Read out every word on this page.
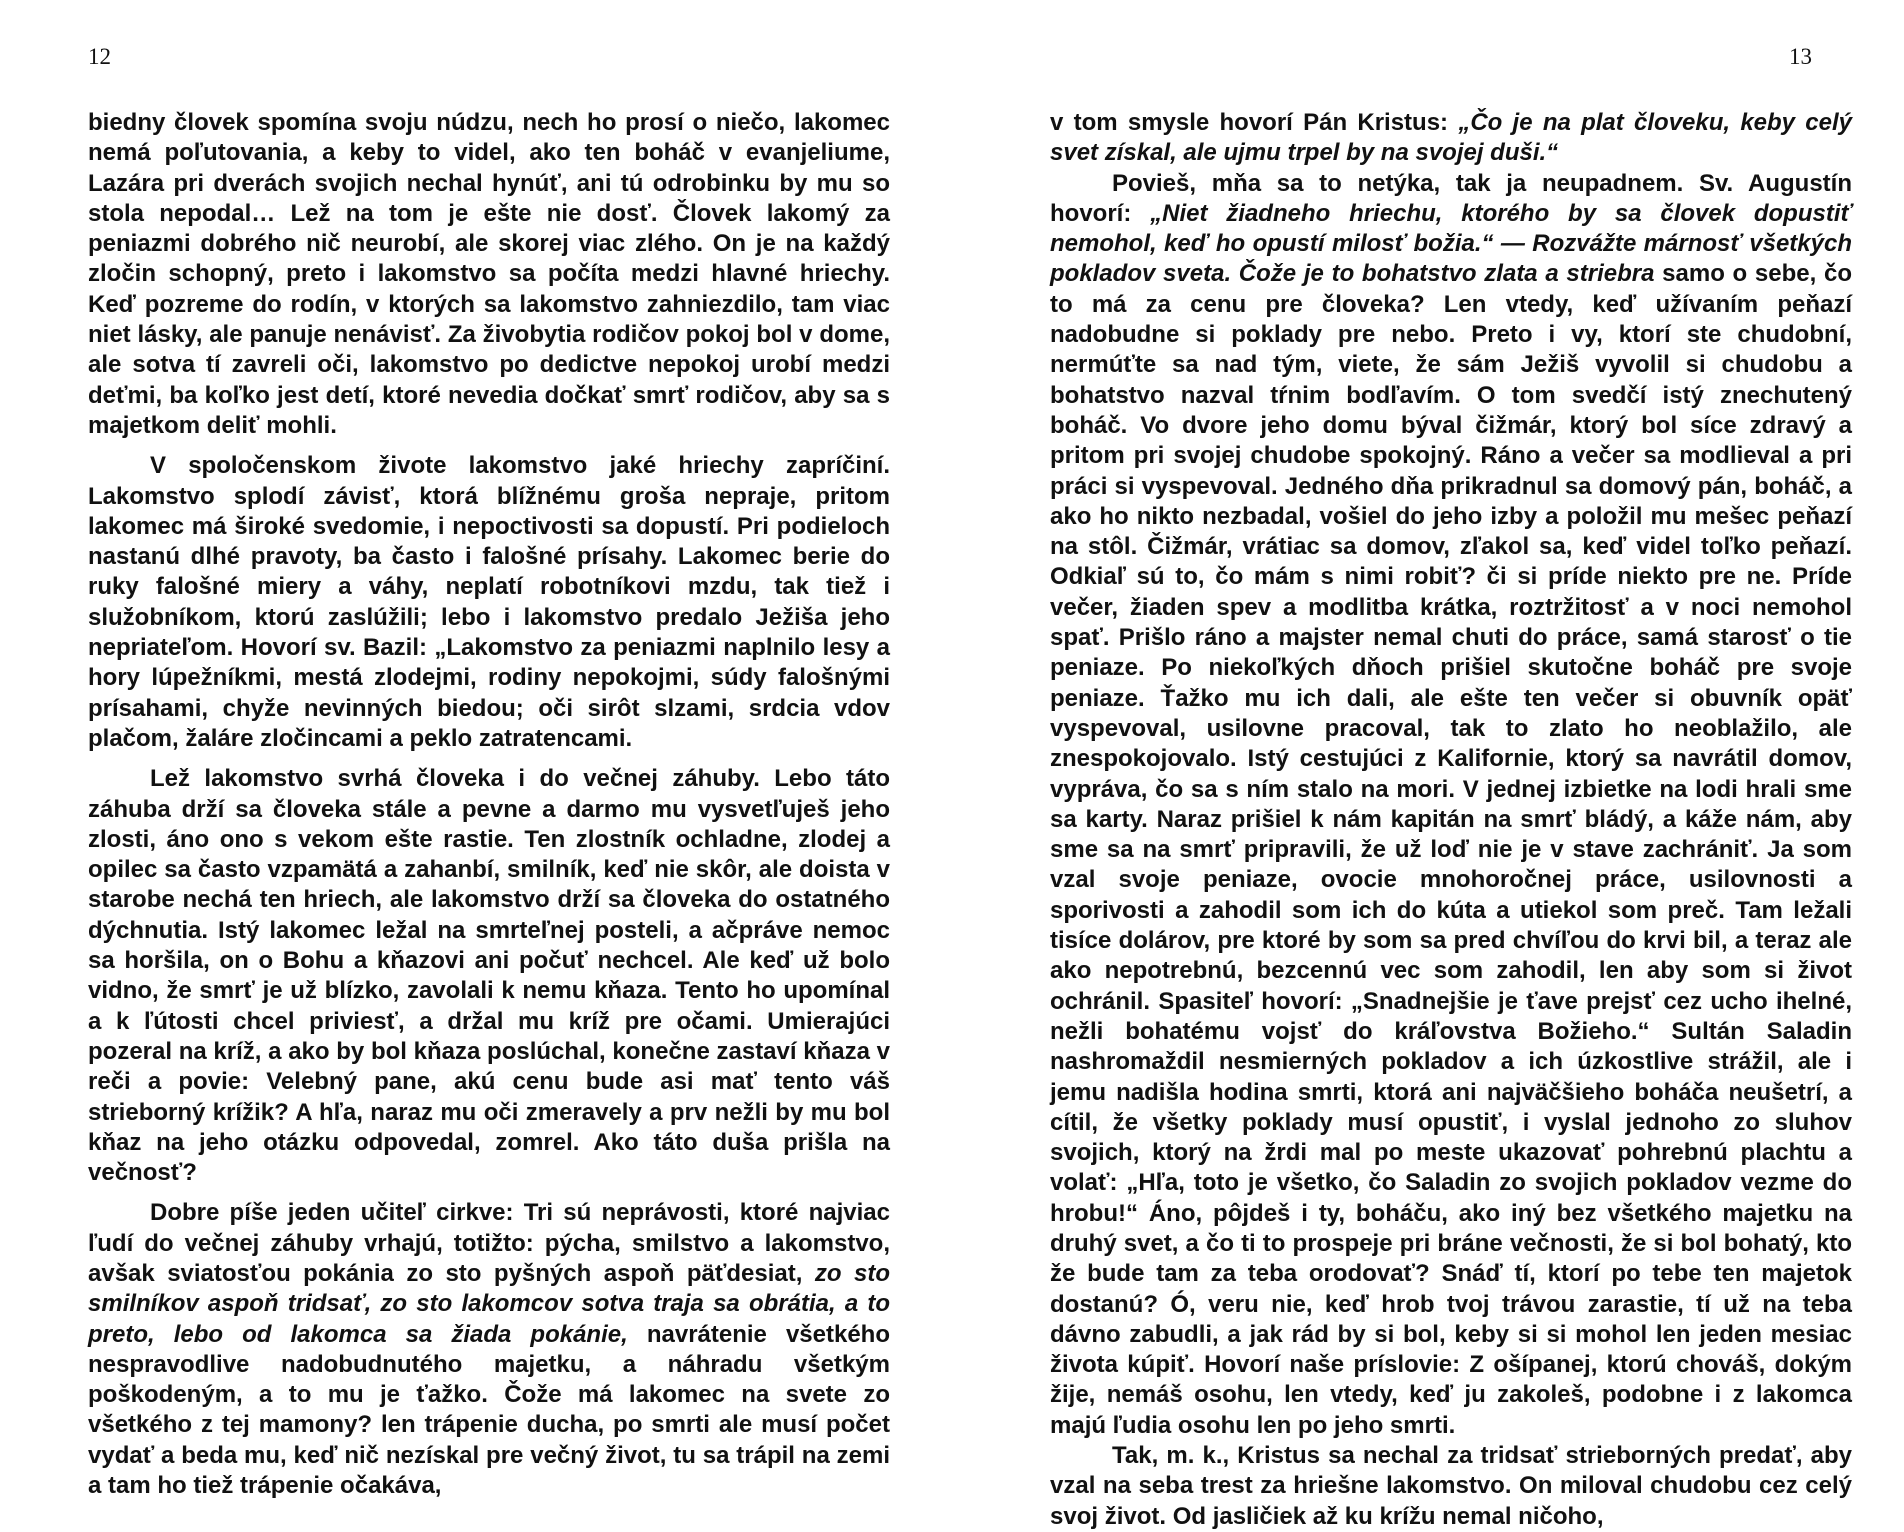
12

biedny človek spomína svoju núdzu, nech ho prosí o niečo, lakomec nemá poľutovania, a keby to videl, ako ten boháč v evanjeliume, Lazára pri dverách svojich nechal hynúť, ani tú odrobinku by mu so stola nepodal… Lež na tom je ešte nie dosť. Človek lakomý za peniazmi dobrého nič neurobí, ale skorej viac zlého. On je na každý zločin schopný, preto i lakomstvo sa počíta medzi hlavné hriechy. Keď pozreme do rodín, v ktorých sa lakomstvo zahniezdilo, tam viac niet lásky, ale panuje nenávisť. Za živobytia rodičov pokoj bol v dome, ale sotva tí zavreli oči, lakomstvo po dedictve nepokoj urobí medzi deťmi, ba koľko jest detí, ktoré nevedia dočkať smrť rodičov, aby sa s majetkom deliť mohli.

V spoločenskom živote lakomstvo jaké hriechy zapríčiní. Lakomstvo splodí závisť, ktorá blížnému groša nepraje, pritom lakomec má široké svedomie, i nepoctivosti sa dopustí. Pri podieloch nastanú dlhé pravoty, ba často i falošné prísahy. Lakomec berie do ruky falošné miery a váhy, neplatí robotníkovi mzdu, tak tiež i služobníkom, ktorú zaslúžili; lebo i lakomstvo predalo Ježiša jeho nepriateľom. Hovorí sv. Bazil: „Lakomstvo za peniazmi naplnilo lesy a hory lúpežníkmi, mestá zlodejmi, rodiny nepokojmi, súdy falošnými prísahami, chyže nevinných biedou; oči sirôt slzami, srdcia vdov plačom, žaláre zločincami a peklo zatratencami.

Lež lakomstvo svrhá človeka i do večnej záhuby. Lebo táto záhuba drží sa človeka stále a pevne a darmo mu vysvetľuješ jeho zlosti, áno ono s vekom ešte rastie. Ten zlostník ochladne, zlodej a opilec sa často vzpamätá a zahanbí, smilník, keď nie skôr, ale doista v starobe nechá ten hriech, ale lakomstvo drží sa človeka do ostatného dýchnutia. Istý lakomec ležal na smrteľnej posteli, a ačpráve nemoc sa horšila, on o Bohu a kňazovi ani počuť nechcel. Ale keď už bolo vidno, že smrť je už blízko, zavolali k nemu kňaza. Tento ho upomínal a k ľútosti chcel priviesť, a držal mu kríž pre očami. Umierajúci pozeral na kríž, a ako by bol kňaza poslúchal, konečne zastaví kňaza v reči a povie: Velebný pane, akú cenu bude asi mať tento váš strieborný krížik? A hľa, naraz mu oči zmeravely a prv nežli by mu bol kňaz na jeho otázku odpovedal, zomrel. Ako táto duša prišla na večnosť?

Dobre píše jeden učiteľ cirkve: Tri sú neprávosti, ktoré najviac ľudí do večnej záhuby vrhajú, totižto: pýcha, smilstvo a lakomstvo, avšak sviatosťou pokánia zo sto pyšných aspoň päťdesiat, zo sto smilníkov aspoň tridsať, zo sto lakomcov sotva traja sa obrátia, a to preto, lebo od lakomca sa žiada pokánie, navrátenie všetkého nespravodlive nadobudnutého majetku, a náhradu všetkým poškodeným, a to mu je ťažko. Čože má lakomec na svete zo všetkého z tej mamony? len trápenie ducha, po smrti ale musí počet vydať a beda mu, keď nič nezískal pre večný život, tu sa trápil na zemi a tam ho tiež trápenie očakáva,

13

v tom smysle hovorí Pán Kristus: „Čo je na plat človeku, keby celý svet získal, ale ujmu trpel by na svojej duši.“

Povieš, mňa sa to netýka, tak ja neupadnem. Sv. Augustín hovorí: „Niet žiadneho hriechu, ktorého by sa človek dopustiť nemohol, keď ho opustí milosť božia.“ — Rozvážte márnosť všetkých pokladov sveta. Čože je to bohatstvo zlata a striebra samo o sebe, čo to má za cenu pre človeka? Len vtedy, keď užívaním peňazí nadobudne si poklady pre nebo. Preto i vy, ktorí ste chudobní, nermúťte sa nad tým, viete, že sám Ježiš vyvolil si chudobu a bohatstvo nazval tŕnim bodľavím. O tom svedčí istý znechutený boháč. Vo dvore jeho domu býval čižmár, ktorý bol síce zdravý a pritom pri svojej chudobe spokojný. Ráno a večer sa modlieval a pri práci si vyspevoval. Jedného dňa prikradnul sa domový pán, boháč, a ako ho nikto nezbadal, vošiel do jeho izby a položil mu mešec peňazí na stôl. Čižmár, vrátiac sa domov, zľakol sa, keď videl toľko peňazí. Odkiaľ sú to, čo mám s nimi robiť? či si príde niekto pre ne. Príde večer, žiaden spev a modlitba krátka, roztržitosť a v noci nemohol spať. Prišlo ráno a majster nemal chuti do práce, samá starosť o tie peniaze. Po niekoľkých dňoch prišiel skutočne boháč pre svoje peniaze. Ťažko mu ich dali, ale ešte ten večer si obuvník opäť vyspevoval, usilovne pracoval, tak to zlato ho neoblažilo, ale znespokojovalo. Istý cestujúci z Kalifornie, ktorý sa navrátil domov, vypráva, čo sa s ním stalo na mori. V jednej izbietke na lodi hrali sme sa karty. Naraz prišiel k nám kapitán na smrť bládý, a káže nám, aby sme sa na smrť pripravili, že už loď nie je v stave zachrániť. Ja som vzal svoje peniaze, ovocie mnohoročnej práce, usilovnosti a sporivosti a zahodil som ich do kúta a utiekol som preč. Tam ležali tisíce dolárov, pre ktoré by som sa pred chvíľou do krvi bil, a teraz ale ako nepotrebnú, bezcennú vec som zahodil, len aby som si život ochránil. Spasiteľ hovorí: „Snadnejšie je ťave prejsť cez ucho ihelné, nežli bohatému vojsť do kráľovstva Božieho.“ Sultán Saladin nashromaždil nesmierných pokladov a ich úzkostlive strážil, ale i jemu nadišla hodina smrti, ktorá ani najväčšieho boháča neušetrí, a cítil, že všetky poklady musí opustiť, i vyslal jednoho zo sluhov svojich, ktorý na žrdi mal po meste ukazovať pohrebnú plachtu a volať: „Hľa, toto je všetko, čo Saladin zo svojich pokladov vezme do hrobu!“ Áno, pôjdeš i ty, boháču, ako iný bez všetkého majetku na druhý svet, a čo ti to prospeje pri bráne večnosti, že si bol bohatý, kto že bude tam za teba orodovať? Snáď tí, ktorí po tebe ten majetok dostanú? Ó, veru nie, keď hrob tvoj trávou zarastie, tí už na teba dávno zabudli, a jak rád by si bol, keby si si mohol len jeden mesiac života kúpiť. Hovorí naše príslovie: Z ošípanej, ktorú chováš, dokým žije, nemáš osohu, len vtedy, keď ju zakoleš, podobne i z lakomca majú ľudia osohu len po jeho smrti.

Tak, m. k., Kristus sa nechal za tridsať strieborných predať, aby vzal na seba trest za hriešne lakomstvo. On miloval chudobu cez celý svoj život. Od jasličiek až ku krížu nemal ničoho,
